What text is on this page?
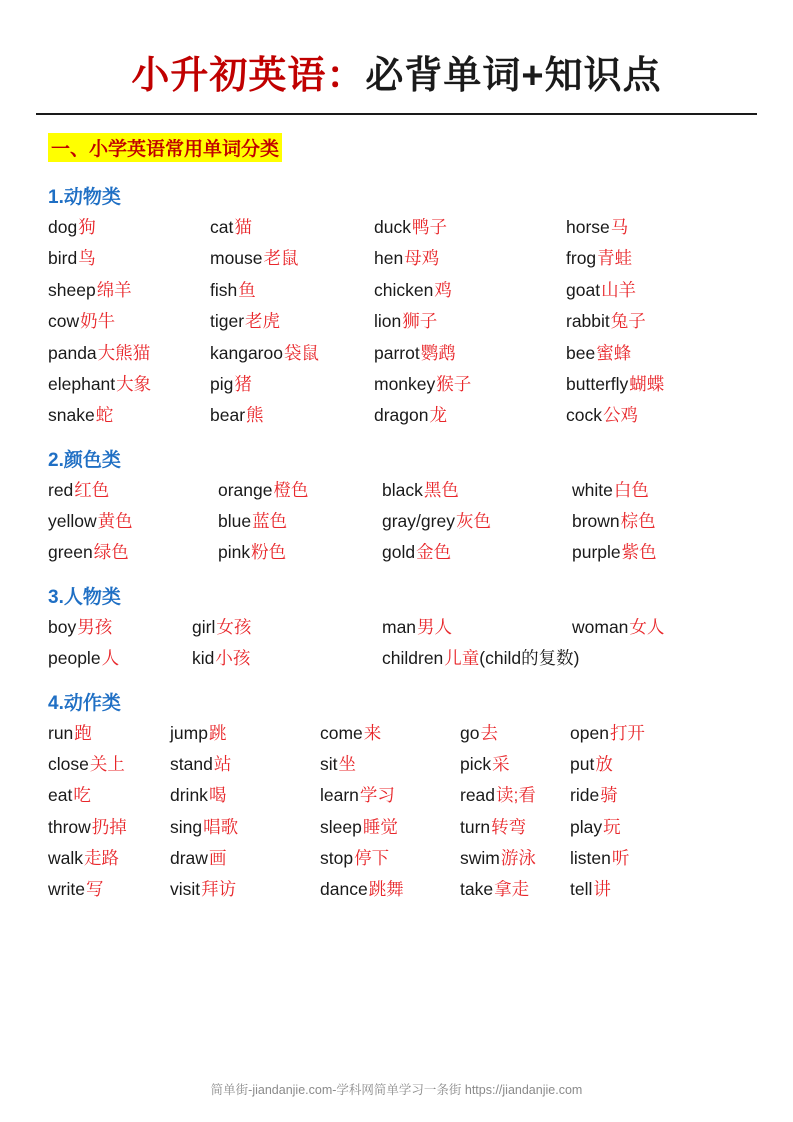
小升初英语：必背单词+知识点
一、小学英语常用单词分类
1.动物类
dog狗	cat猫	duck鸭子	horse马
bird鸟	mouse老鼠	hen母鸡	frog青蛙
sheep绵羊	fish鱼	chicken鸡	goat山羊
cow奶牛	tiger老虎	lion狮子	rabbit兔子
panda大熊猫	kangaroo袋鼠	parrot鹦鹉	bee蜜蜂
elephant大象	pig猪	monkey猴子	butterfly蝴蝶
snake蛇	bear熊	dragon龙	cock公鸡
2.颜色类
red红色	orange橙色	black黑色	white白色
yellow黄色	blue蓝色	gray/grey灰色	brown棕色
green绿色	pink粉色	gold金色	purple紫色
3.人物类
boy男孩	girl女孩	man男人	woman女人
people人	kid小孩	children儿童(child的复数)
4.动作类
run跑	jump跳	come来	go去	open打开
close关上	stand站	sit坐	pick采	put放
eat吃	drink喝	learn学习	read读;看	ride骑
throw扔掉	sing唱歌	sleep睡觉	turn转弯	play玩
walk走路	draw画	stop停下	swim游泳	listen听
write写	visit拜访	dance跳舞	take拿走	tell讲
简单街-jiandanjie.com-学科网简单学习一条街 https://jiandanjie.com
